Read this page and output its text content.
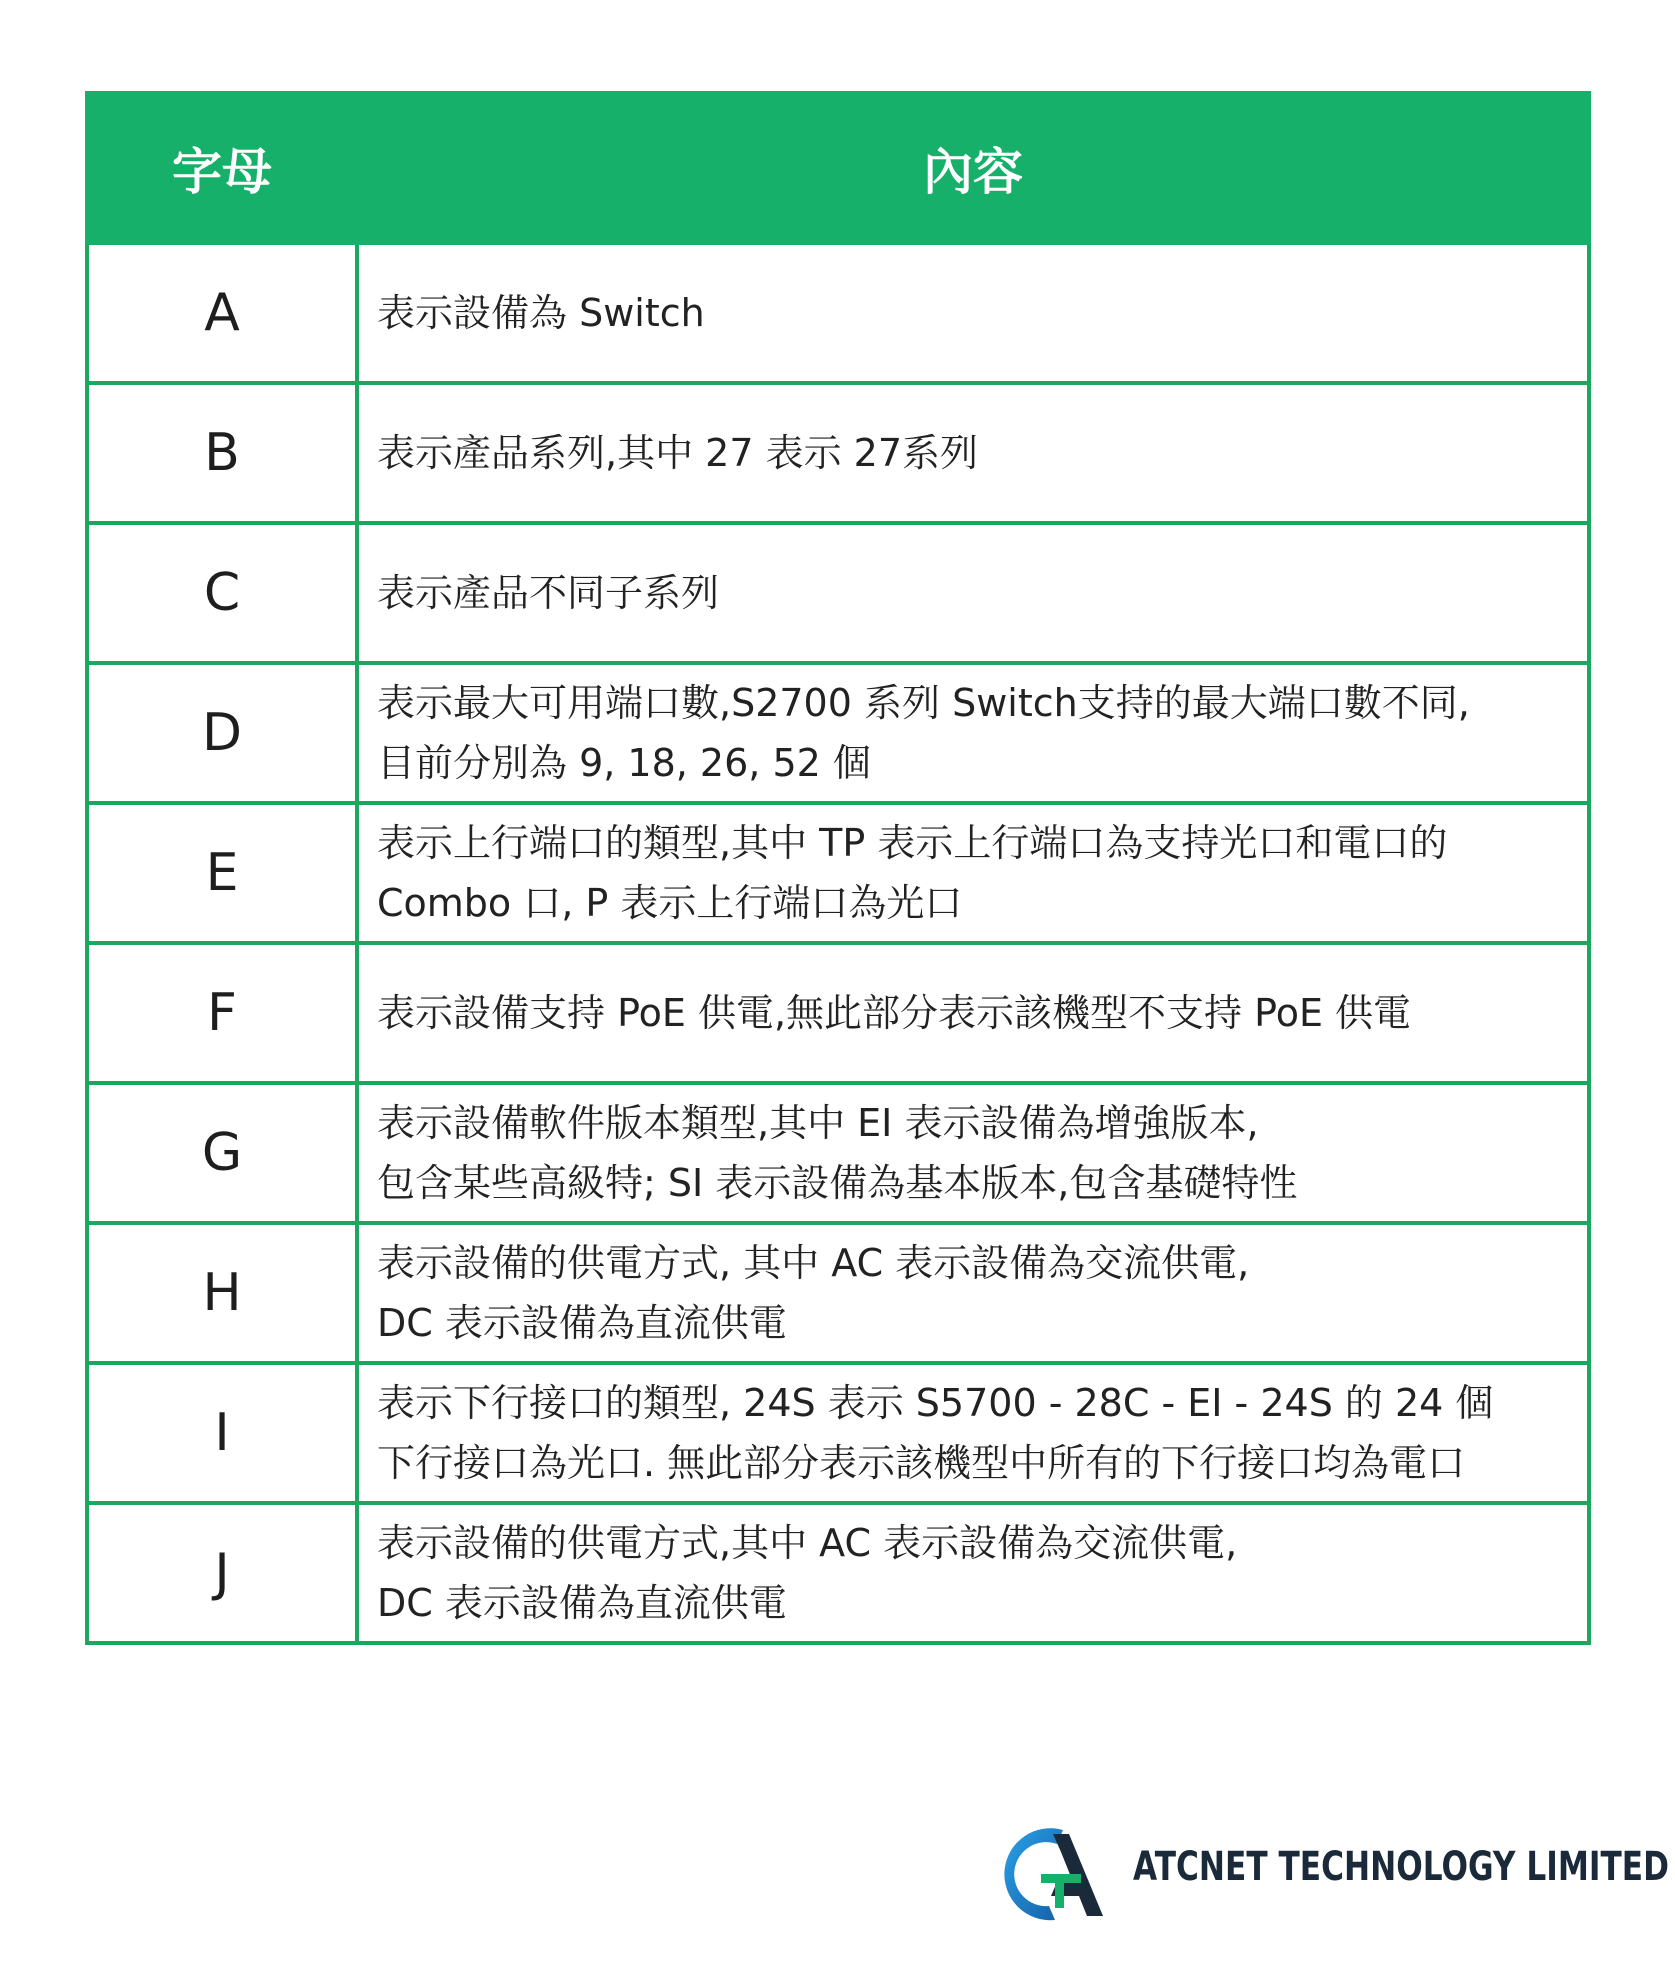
字母	內容
A	表示設備為 Switch

B	表示產品系列,其中 27 表示 27系列

C	表示產品不同子系列

D	表示最大可用端口數,S2700 系列 Switch支持的最大端口數不同,
目前分別為 9, 18, 26, 52 個

E	表示上行端口的類型,其中 TP 表示上行端口為支持光口和電口的
Combo 口, P 表示上行端口為光口

F	表示設備支持 PoE 供電,無此部分表示該機型不支持 PoE 供電

G	表示設備軟件版本類型,其中 EI 表示設備為增強版本,
包含某些高級特; SI 表示設備為基本版本,包含基礎特性

H	表示設備的供電方式, 其中 AC 表示設備為交流供電,
DC 表示設備為直流供電

I	表示下行接口的類型, 24S 表示 S5700 - 28C - EI - 24S 的 24 個
下行接口為光口. 無此部分表示該機型中所有的下行接口均為電口

J	表示設備的供電方式,其中 AC 表示設備為交流供電,
DC 表示設備為直流供電
ATCNET TECHNOLOGY LIMITED
